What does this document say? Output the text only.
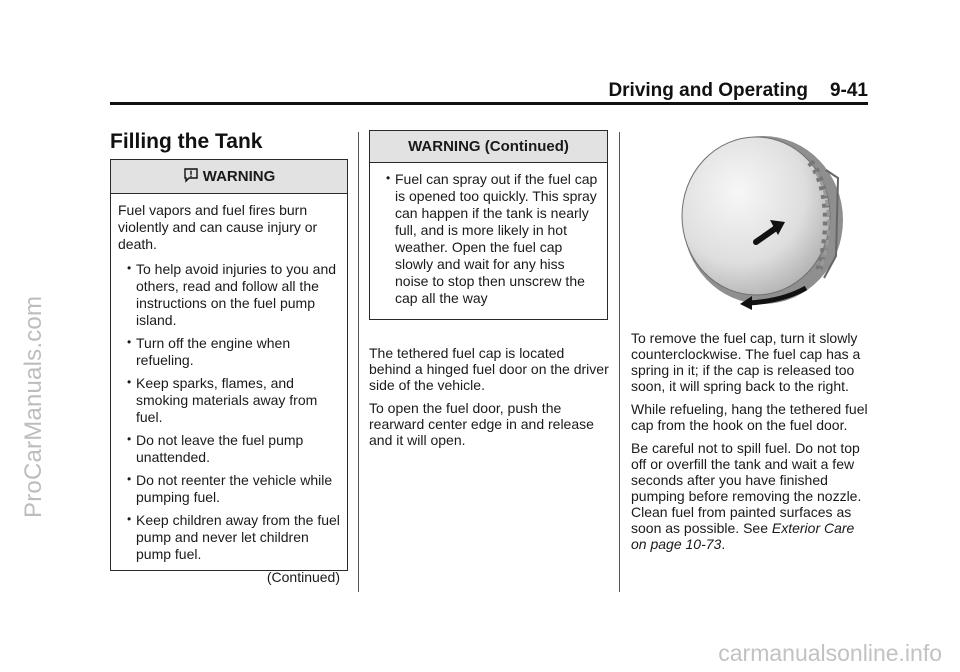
ProCarManuals.com
carmanualsonline.info
Driving and Operating 9-41
Filling the Tank
WARNING

Fuel vapors and fuel fires burn violently and can cause injury or death.

• To help avoid injuries to you and others, read and follow all the instructions on the fuel pump island.
• Turn off the engine when refueling.
• Keep sparks, flames, and smoking materials away from fuel.
• Do not leave the fuel pump unattended.
• Do not reenter the vehicle while pumping fuel.
• Keep children away from the fuel pump and never let children pump fuel.
(Continued)
WARNING (Continued)
• Fuel can spray out if the fuel cap is opened too quickly. This spray can happen if the tank is nearly full, and is more likely in hot weather. Open the fuel cap slowly and wait for any hiss noise to stop then unscrew the cap all the way

The tethered fuel cap is located behind a hinged fuel door on the driver side of the vehicle.

To open the fuel door, push the rearward center edge in and release and it will open.

To remove the fuel cap, turn it slowly counterclockwise. The fuel cap has a spring in it; if the cap is released too soon, it will spring back to the right.

While refueling, hang the tethered fuel cap from the hook on the fuel door.

Be careful not to spill fuel. Do not top off or overfill the tank and wait a few seconds after you have finished pumping before removing the nozzle. Clean fuel from painted surfaces as soon as possible. See Exterior Care on page 10-73.
